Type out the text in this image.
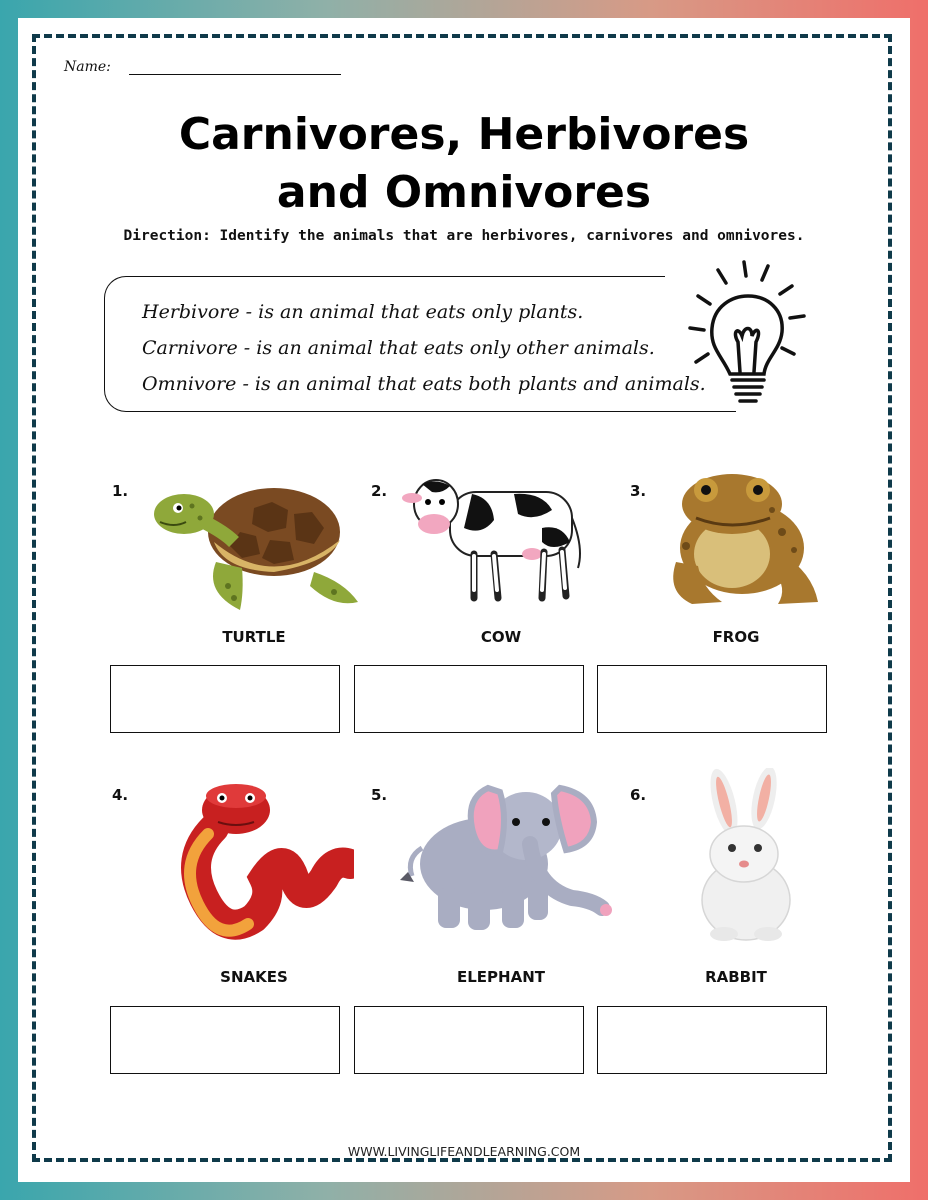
Name:
Carnivores, Herbivores
and Omnivores
Direction: Identify the animals that are herbivores, carnivores and omnivores.
Herbivore - is an animal that eats only plants.
Carnivore - is an animal that eats only other animals.
Omnivore - is an animal that eats both plants and animals.
1.
TURTLE
2.
COW
3.
FROG
4.
SNAKES
5.
ELEPHANT
6.
RABBIT
WWW.LIVINGLIFEANDLEARNING.COM
